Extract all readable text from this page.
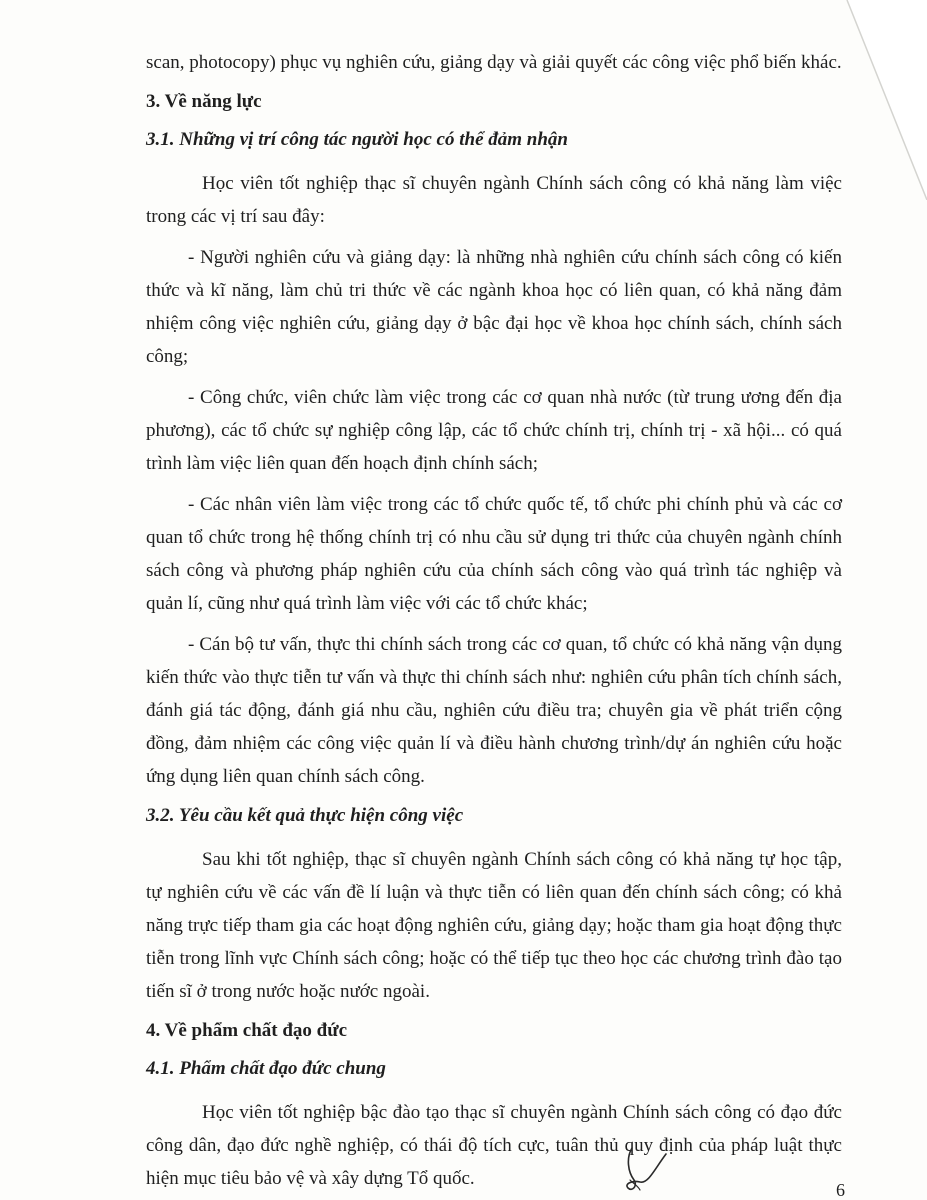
scan, photocopy) phục vụ nghiên cứu, giảng dạy và giải quyết các công việc phổ biến khác.

3. Về năng lực
3.1. Những vị trí công tác người học có thể đảm nhận

Học viên tốt nghiệp thạc sĩ chuyên ngành Chính sách công có khả năng làm việc trong các vị trí sau đây:

- Người nghiên cứu và giảng dạy: là những nhà nghiên cứu chính sách công có kiến thức và kĩ năng, làm chủ tri thức về các ngành khoa học có liên quan, có khả năng đảm nhiệm công việc nghiên cứu, giảng dạy ở bậc đại học về khoa học chính sách, chính sách công;

- Công chức, viên chức làm việc trong các cơ quan nhà nước (từ trung ương đến địa phương), các tổ chức sự nghiệp công lập, các tổ chức chính trị, chính trị - xã hội... có quá trình làm việc liên quan đến hoạch định chính sách;

- Các nhân viên làm việc trong các tổ chức quốc tế, tổ chức phi chính phủ và các cơ quan tổ chức trong hệ thống chính trị có nhu cầu sử dụng tri thức của chuyên ngành chính sách công và phương pháp nghiên cứu của chính sách công vào quá trình tác nghiệp và quản lí, cũng như quá trình làm việc với các tổ chức khác;

- Cán bộ tư vấn, thực thi chính sách trong các cơ quan, tổ chức có khả năng vận dụng kiến thức vào thực tiễn tư vấn và thực thi chính sách như: nghiên cứu phân tích chính sách, đánh giá tác động, đánh giá nhu cầu, nghiên cứu điều tra; chuyên gia về phát triển cộng đồng, đảm nhiệm các công việc quản lí và điều hành chương trình/dự án nghiên cứu hoặc ứng dụng liên quan chính sách công.

3.2. Yêu cầu kết quả thực hiện công việc

Sau khi tốt nghiệp, thạc sĩ chuyên ngành Chính sách công có khả năng tự học tập, tự nghiên cứu về các vấn đề lí luận và thực tiễn có liên quan đến chính sách công; có khả năng trực tiếp tham gia các hoạt động nghiên cứu, giảng dạy; hoặc tham gia hoạt động thực tiễn trong lĩnh vực Chính sách công; hoặc có thể tiếp tục theo học các chương trình đào tạo tiến sĩ ở trong nước hoặc nước ngoài.

4. Về phẩm chất đạo đức
4.1. Phẩm chất đạo đức chung

Học viên tốt nghiệp bậc đào tạo thạc sĩ chuyên ngành Chính sách công có đạo đức công dân, đạo đức nghề nghiệp, có thái độ tích cực, tuân thủ quy định của pháp luật thực hiện mục tiêu bảo vệ và xây dựng Tổ quốc.

6
